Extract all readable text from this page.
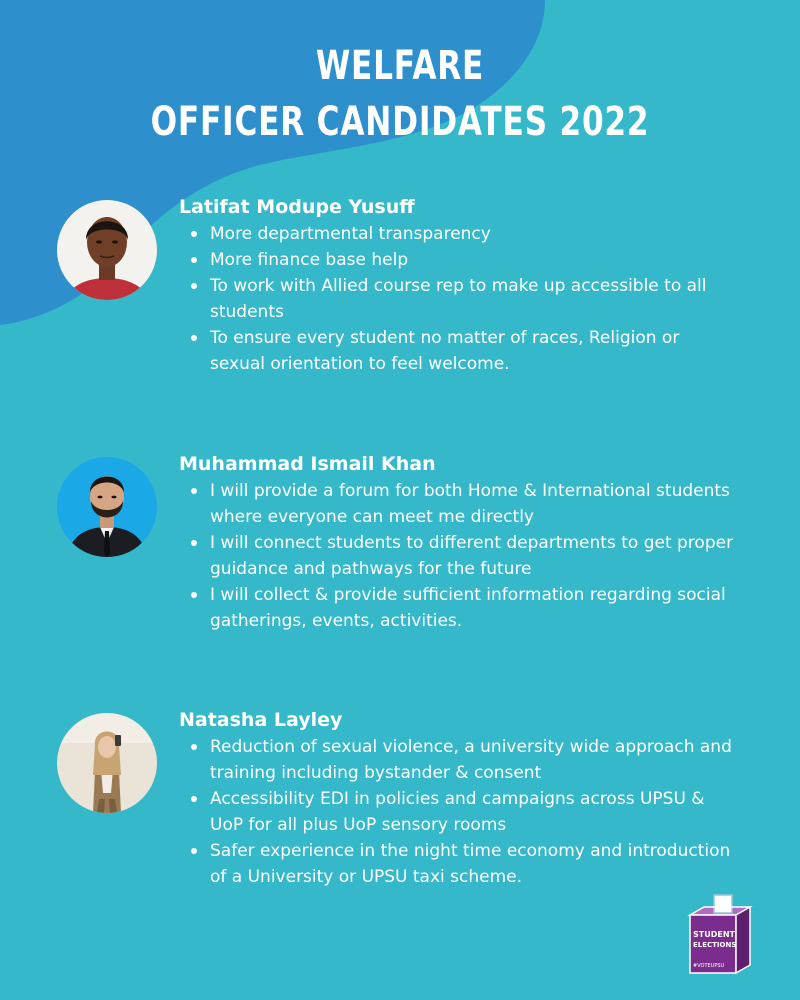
WELFARE
OFFICER CANDIDATES 2022
Latifat Modupe Yusuff
More departmental transparency
More finance base help
To work with Allied course rep to make up accessible to all students
To ensure every student no matter of races, Religion or sexual orientation to feel welcome.
Muhammad Ismail Khan
I will provide a forum for both Home & International students where everyone can meet me directly
I will connect students to different departments to get proper guidance and pathways for the future
I will collect & provide sufficient information regarding social gatherings, events, activities.
Natasha Layley
Reduction of sexual violence, a university wide approach and training including bystander & consent
Accessibility EDI in policies and campaigns across UPSU & UoP for all plus UoP sensory rooms
Safer experience in the night time economy and introduction of a University or UPSU taxi scheme.
STUDENT
ELECTIONS
#VOTEUPSU
